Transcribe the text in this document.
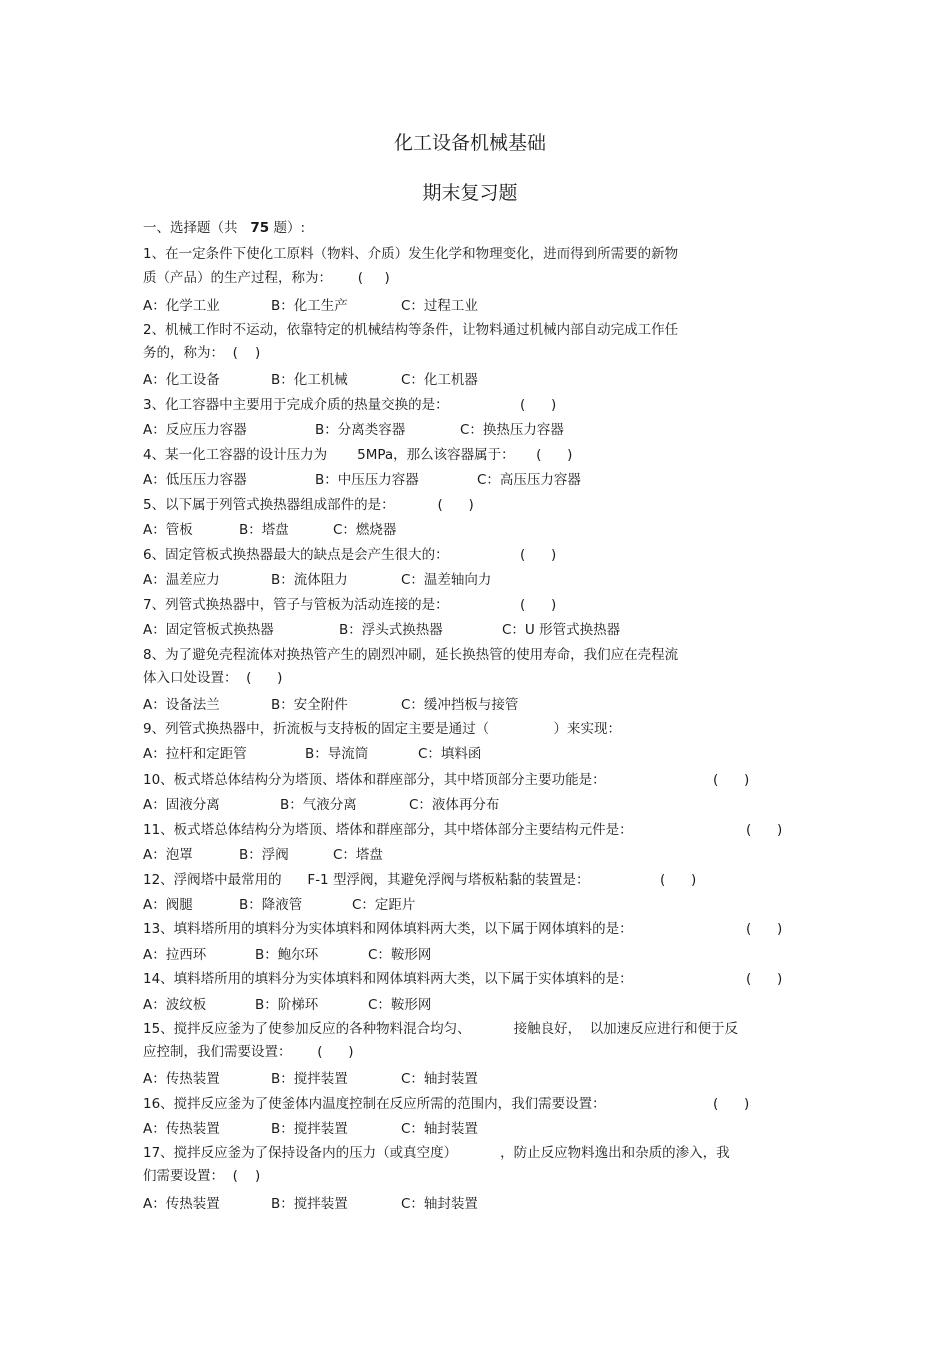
化工设备机械基础
期末复习题
一、选择题（共 75 题）:
1、在一定条件下使化工原料（物料、介质）发生化学和物理变化，进而得到所需要的新物
质（产品）的生产过程，称为：      (     )
A：化学工业	B：化工生产	C：过程工业
2、机械工作时不运动，依靠特定的机械结构等条件，让物料通过机械内部自动完成工作任
务的，称为：  (    )
A：化工设备	B：化工机械	C：化工机器
3、化工容器中主要用于完成介质的热量交换的是：	(      )
A：反应压力容器	B：分离类容器	C：换热压力容器
4、某一化工容器的设计压力为       5MPa，那么该容器属于：     (      )
A：低压压力容器	B：中压压力容器	C：高压压力容器
5、以下属于列管式换热器组成部件的是：          (      )
A：管板	B：塔盘	C：燃烧器
6、固定管板式换热器最大的缺点是会产生很大的：	(      )
A：温差应力	B：流体阻力	C：温差轴向力
7、列管式换热器中，管子与管板为活动连接的是：	(      )
A：固定管板式换热器	B：浮头式换热器	C：U 形管式换热器
8、为了避免壳程流体对换热管产生的剧烈冲刷，延长换热管的使用寿命，我们应在壳程流
体入口处设置：  (      )
A：设备法兰	B：安全附件	C：缓冲挡板与接管
9、列管式换热器中，折流板与支持板的固定主要是通过（               ）来实现：
A：拉杆和定距管	B：导流筒	C：填料函
10、板式塔总体结构分为塔顶、塔体和群座部分，其中塔顶部分主要功能是：	(      )
A：固液分离	B：气液分离	C：液体再分布
11、板式塔总体结构分为塔顶、塔体和群座部分，其中塔体部分主要结构元件是：	(      )
A：泡罩	B：浮阀	C：塔盘
12、浮阀塔中最常用的      F-1 型浮阀，其避免浮阀与塔板粘黏的装置是：	(      )
A：阀腿	B：降液管	C：定距片
13、填料塔所用的填料分为实体填料和网体填料两大类，以下属于网体填料的是：	(      )
A：拉西环	B：鲍尔环	C：鞍形网
14、填料塔所用的填料分为实体填料和网体填料两大类，以下属于实体填料的是：	(      )
A：波纹板	B：阶梯环	C：鞍形网
15、搅拌反应釜为了使参加反应的各种物料混合均匀、          接触良好，  以加速反应进行和便于反
应控制，我们需要设置：      (      )
A：传热装置	B：搅拌装置	C：轴封装置
16、搅拌反应釜为了使釜体内温度控制在反应所需的范围内，我们需要设置：	(      )
A：传热装置	B：搅拌装置	C：轴封装置
17、搅拌反应釜为了保持设备内的压力（或真空度）          ，防止反应物料逸出和杂质的渗入，我
们需要设置：  (    )
A：传热装置	B：搅拌装置	C：轴封装置
